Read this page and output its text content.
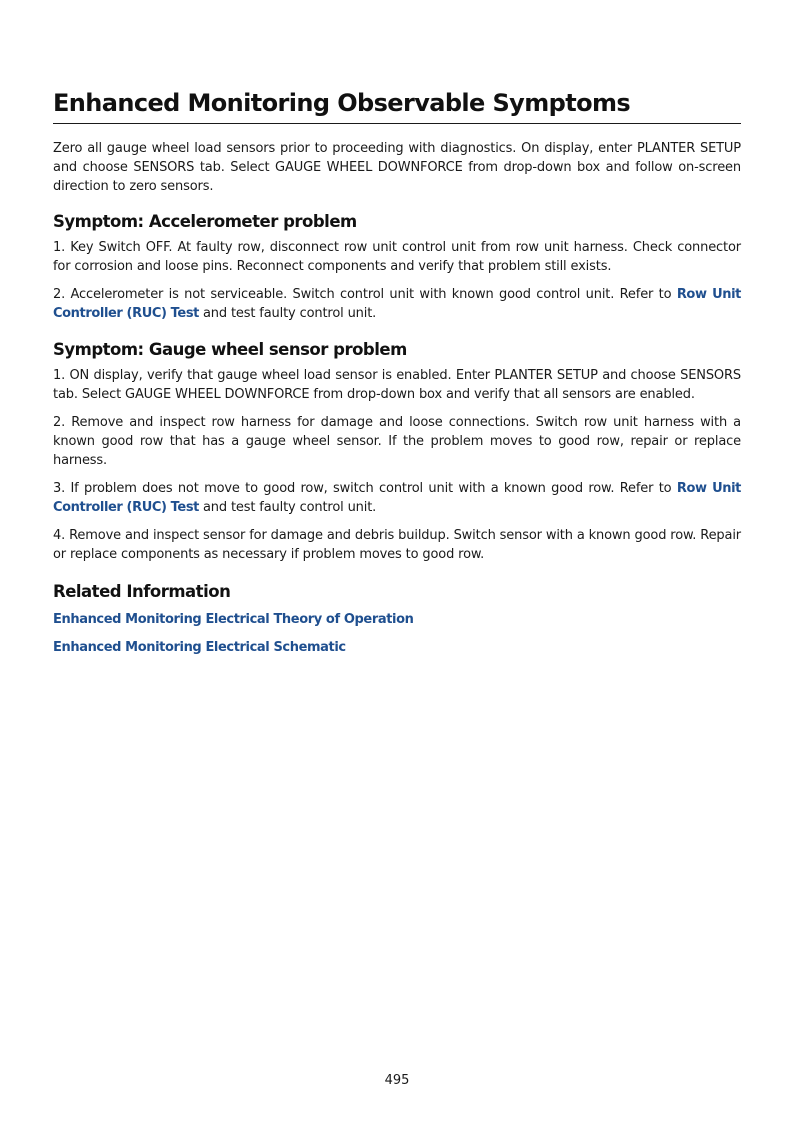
Enhanced Monitoring Observable Symptoms

Zero all gauge wheel load sensors prior to proceeding with diagnostics. On display, enter PLANTER SETUP and choose SENSORS tab. Select GAUGE WHEEL DOWNFORCE from drop-down box and follow on-screen direction to zero sensors.

Symptom: Accelerometer problem

1. Key Switch OFF. At faulty row, disconnect row unit control unit from row unit harness. Check connector for corrosion and loose pins. Reconnect components and verify that problem still exists.

2. Accelerometer is not serviceable. Switch control unit with known good control unit. Refer to Row Unit Controller (RUC) Test and test faulty control unit.

Symptom: Gauge wheel sensor problem

1. ON display, verify that gauge wheel load sensor is enabled. Enter PLANTER SETUP and choose SENSORS tab. Select GAUGE WHEEL DOWNFORCE from drop-down box and verify that all sensors are enabled.

2. Remove and inspect row harness for damage and loose connections. Switch row unit harness with a known good row that has a gauge wheel sensor. If the problem moves to good row, repair or replace harness.

3. If problem does not move to good row, switch control unit with a known good row. Refer to Row Unit Controller (RUC) Test and test faulty control unit.

4. Remove and inspect sensor for damage and debris buildup. Switch sensor with a known good row. Repair or replace components as necessary if problem moves to good row.

Related Information
Enhanced Monitoring Electrical Theory of Operation
Enhanced Monitoring Electrical Schematic
495
